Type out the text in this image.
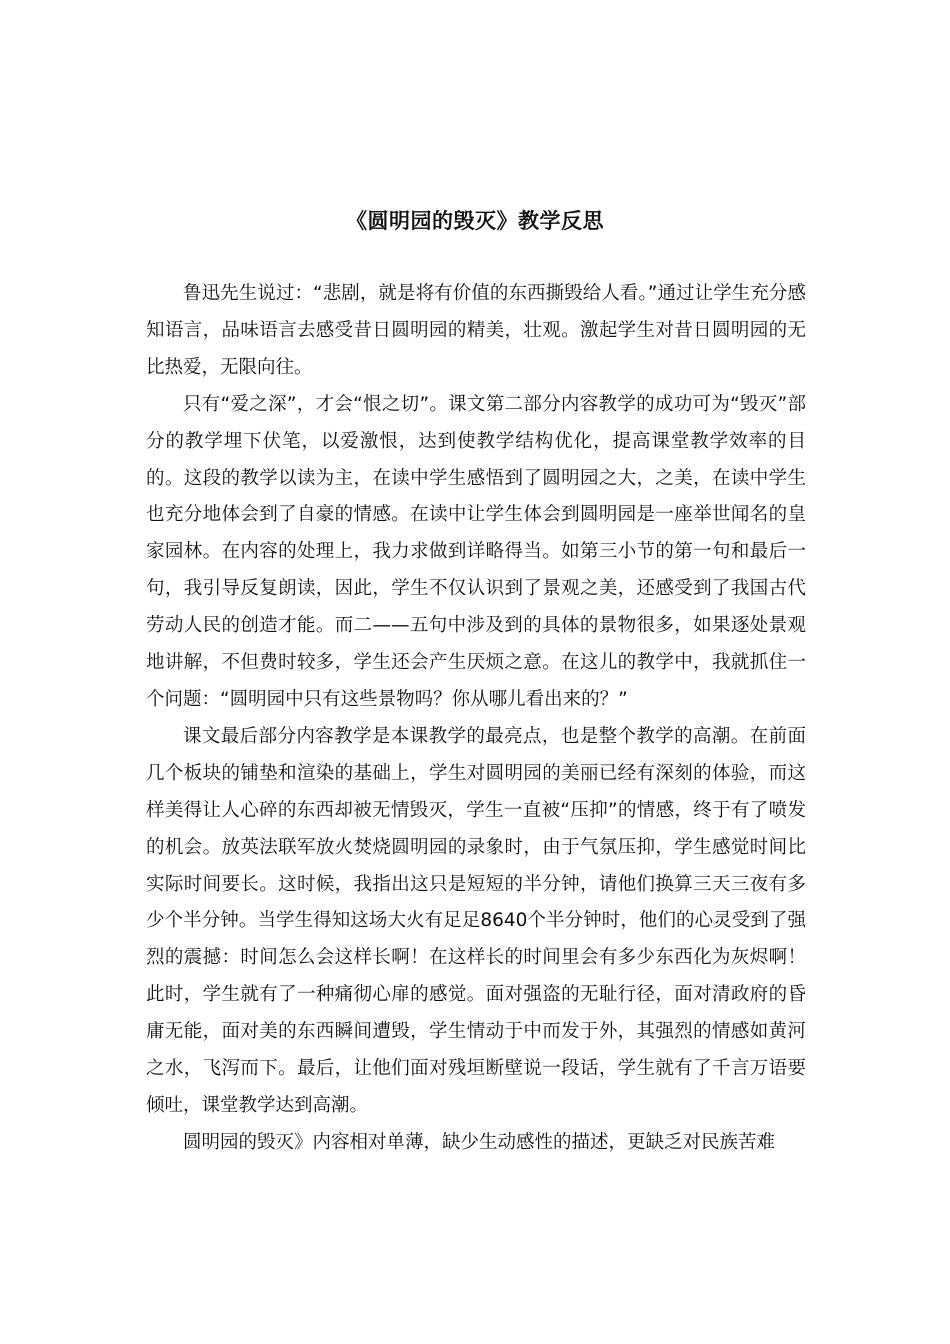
《圆明园的毁灭》教学反思

鲁迅先生说过：“悲剧，就是将有价值的东西撕毁给人看。”通过让学生充分感知语言，品味语言去感受昔日圆明园的精美，壮观。激起学生对昔日圆明园的无比热爱，无限向往。

只有“爱之深”，才会“恨之切”。课文第二部分内容教学的成功可为“毁灭”部分的教学埋下伏笔，以爱激恨，达到使教学结构优化，提高课堂教学效率的目的。这段的教学以读为主，在读中学生感悟到了圆明园之大，之美，在读中学生也充分地体会到了自豪的情感。在读中让学生体会到圆明园是一座举世闻名的皇家园林。在内容的处理上，我力求做到详略得当。如第三小节的第一句和最后一句，我引导反复朗读，因此，学生不仅认识到了景观之美，还感受到了我国古代劳动人民的创造才能。而二——五句中涉及到的具体的景物很多，如果逐处景观地讲解，不但费时较多，学生还会产生厌烦之意。在这儿的教学中，我就抓住一个问题：“圆明园中只有这些景物吗？你从哪儿看出来的？”

课文最后部分内容教学是本课教学的最亮点，也是整个教学的高潮。在前面几个板块的铺垫和渲染的基础上，学生对圆明园的美丽已经有深刻的体验，而这样美得让人心碎的东西却被无情毁灭，学生一直被“压抑”的情感，终于有了喷发的机会。放英法联军放火焚烧圆明园的录象时，由于气氛压抑，学生感觉时间比实际时间要长。这时候，我指出这只是短短的半分钟，请他们换算三天三夜有多少个半分钟。当学生得知这场大火有足足8640个半分钟时，他们的心灵受到了强烈的震撼：时间怎么会这样长啊！在这样长的时间里会有多少东西化为灰烬啊！此时，学生就有了一种痛彻心扉的感觉。面对强盗的无耻行径，面对清政府的昏庸无能，面对美的东西瞬间遭毁，学生情动于中而发于外，其强烈的情感如黄河之水，飞泻而下。最后，让他们面对残垣断壁说一段话，学生就有了千言万语要倾吐，课堂教学达到高潮。

圆明园的毁灭》内容相对单薄，缺少生动感性的描述，更缺乏对民族苦难
